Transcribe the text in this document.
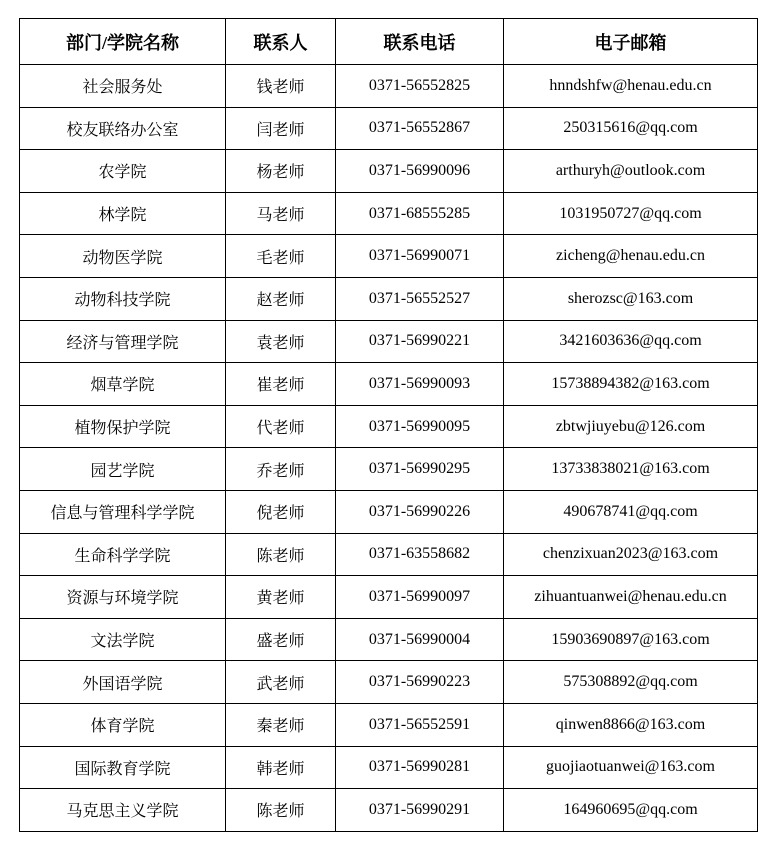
部门/学院名称	联系人	联系电话	电子邮箱
社会服务处	钱老师	0371-56552825	hnndshfw@henau.edu.cn
校友联络办公室	闫老师	0371-56552867	250315616@qq.com
农学院	杨老师	0371-56990096	arthuryh@outlook.com
林学院	马老师	0371-68555285	1031950727@qq.com
动物医学院	毛老师	0371-56990071	zicheng@henau.edu.cn
动物科技学院	赵老师	0371-56552527	sherozsc@163.com
经济与管理学院	袁老师	0371-56990221	3421603636@qq.com
烟草学院	崔老师	0371-56990093	15738894382@163.com
植物保护学院	代老师	0371-56990095	zbtwjiuyebu@126.com
园艺学院	乔老师	0371-56990295	13733838021@163.com
信息与管理科学学院	倪老师	0371-56990226	490678741@qq.com
生命科学学院	陈老师	0371-63558682	chenzixuan2023@163.com
资源与环境学院	黄老师	0371-56990097	zihuantuanwei@henau.edu.cn
文法学院	盛老师	0371-56990004	15903690897@163.com
外国语学院	武老师	0371-56990223	575308892@qq.com
体育学院	秦老师	0371-56552591	qinwen8866@163.com
国际教育学院	韩老师	0371-56990281	guojiaotuanwei@163.com
马克思主义学院	陈老师	0371-56990291	164960695@qq.com
